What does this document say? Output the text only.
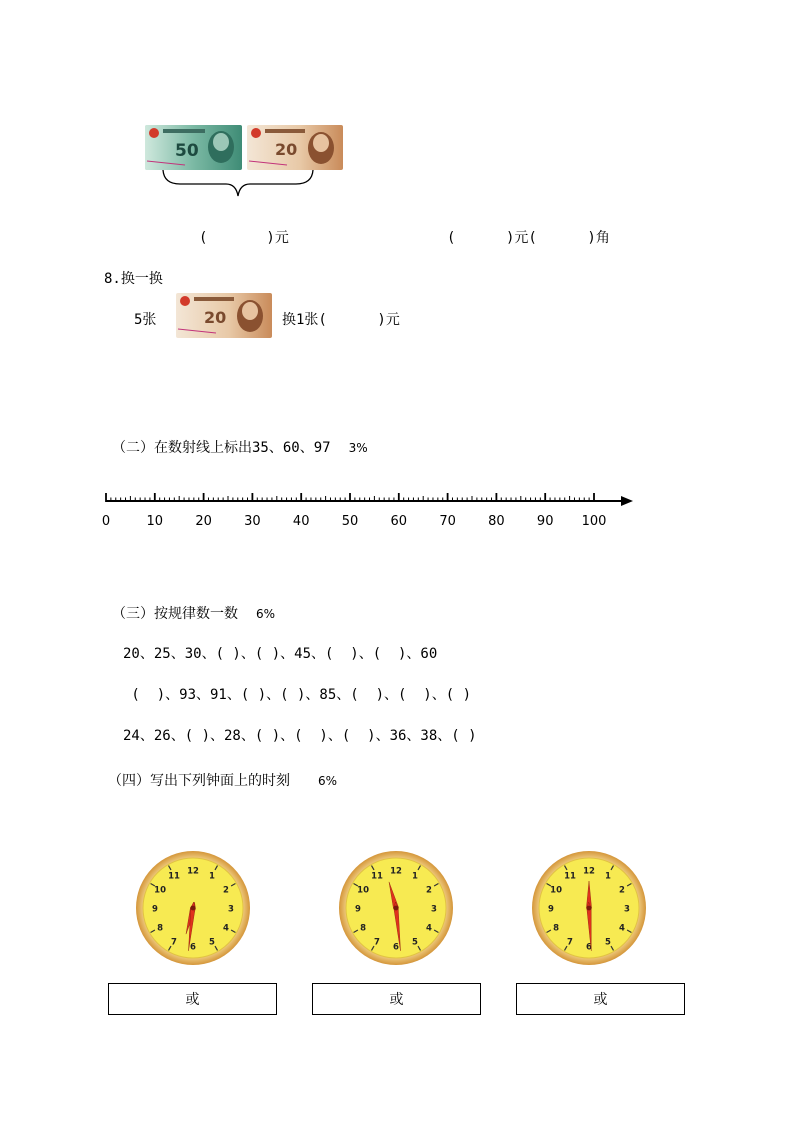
50	20
(       )元	(      )元(      )角
8.换一换
5张	20	换1张(      )元
（二）在数射线上标出35、60、97 3%
0	10 20 30 40 50 60 70 80 90 100
（三）按规律数一数 6%
20、25、30、( )、( )、45、(  )、(  )、60
(  )、93、91、( )、( )、85、(  )、(  )、( )
24、26、( )、28、( )、(  )、(  )、36、38、( )
（四）写出下列钟面上的时刻 6%
12
1
2
3
4
5
6
7
8
9
10
11
12
1
2
3
4
5
6
7
8
9
10
11
12
1
2
3
4
5
6
7
8
9
10
11
或	或	或
